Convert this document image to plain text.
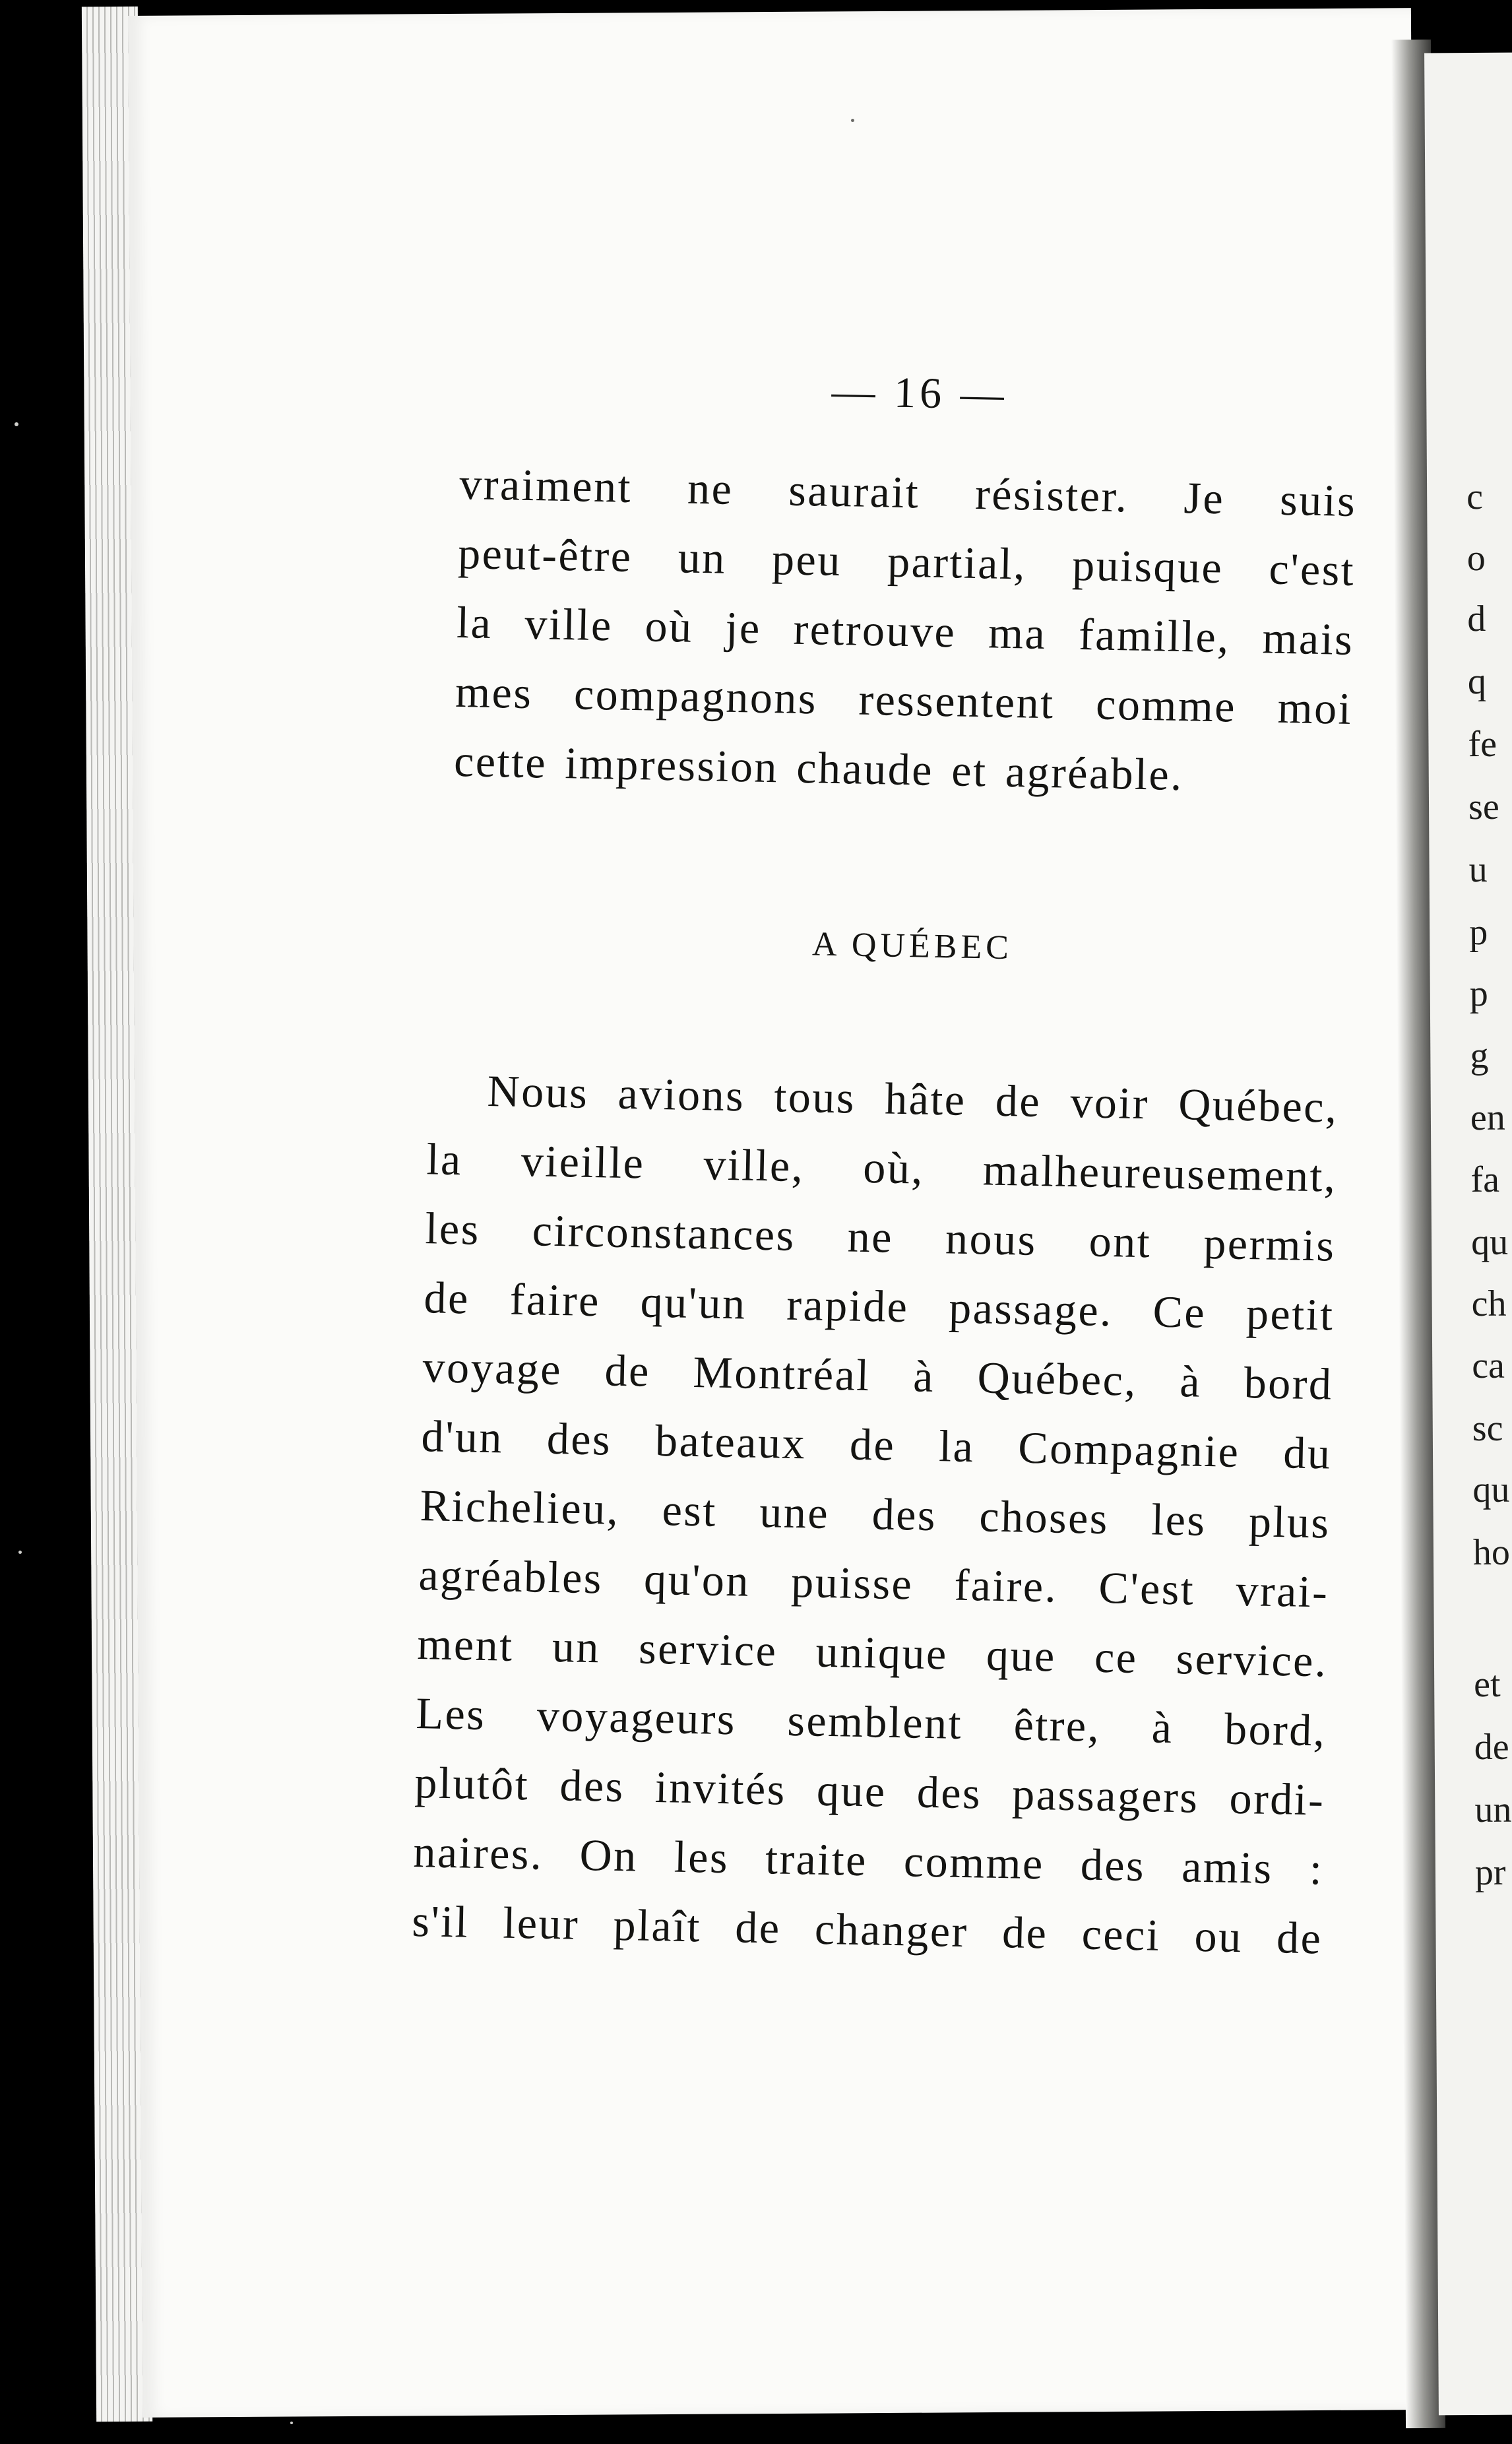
c
o
d
q
fe
se
u
p
p
g
en
fa
qu
ch
ca
sc
qu
ho
et
de
un
pr
— 16 —
vraiment ne saurait résister. Je suis
peut-être un peu partial, puisque c'est
la ville où je retrouve ma famille, mais
mes compagnons ressentent comme moi
cette impression chaude et agréable.
A QUÉBEC
Nous avions tous hâte de voir Québec,
la vieille ville, où, malheureusement,
les circonstances ne nous ont permis
de faire qu'un rapide passage. Ce petit
voyage de Montréal à Québec, à bord
d'un des bateaux de la Compagnie du
Richelieu, est une des choses les plus
agréables qu'on puisse faire. C'est vrai-
ment un service unique que ce service.
Les voyageurs semblent être, à bord,
plutôt des invités que des passagers ordi-
naires. On les traite comme des amis :
s'il leur plaît de changer de ceci ou de
